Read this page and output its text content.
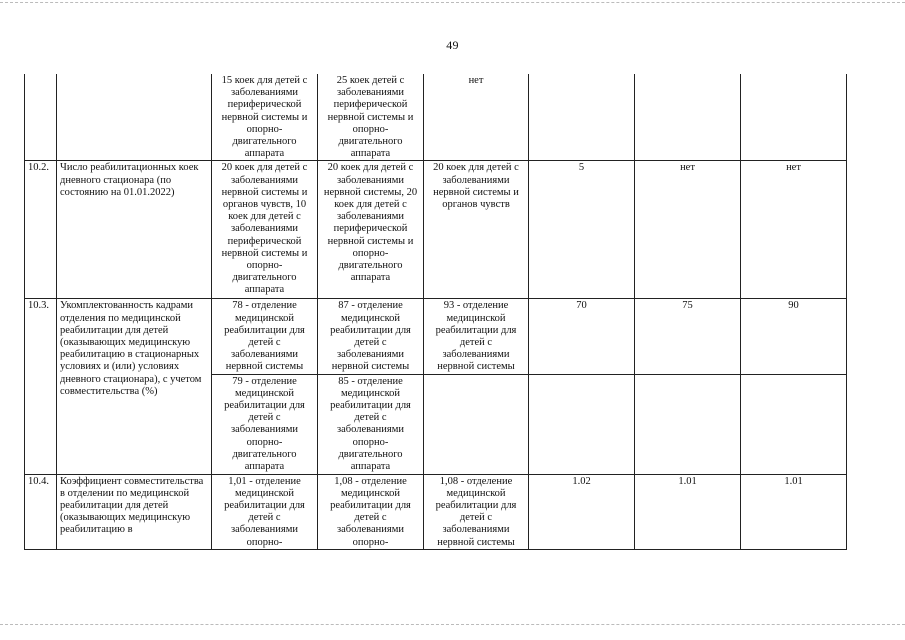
49
		15 коек для детей с заболеваниями периферической нервной системы и опорно-двигательного аппарата	25 коек детей с заболеваниями периферической нервной системы и опорно-двигательного аппарата	нет			
10.2.	Число реабилитационных коек дневного стационара (по состоянию на 01.01.2022)	20 коек для детей с заболеваниями нервной системы и органов чувств, 10 коек для детей с заболеваниями периферической нервной системы и опорно-двигательного аппарата	20 коек для детей с заболеваниями нервной системы, 20 коек для детей с заболеваниями периферической нервной системы и опорно-двигательного аппарата	20 коек для детей с заболеваниями нервной системы и органов чувств	5	нет	нет
10.3.	Укомплектованность кадрами отделения по медицинской реабилитации для детей (оказывающих медицинскую реабилитацию в стационарных условиях и (или) условиях дневного стационара), с учетом совместительства (%)	78 - отделение медицинской реабилитации для детей с заболеваниями нервной системы	87 - отделение медицинской реабилитации для детей с заболеваниями нервной системы	93 - отделение медицинской реабилитации для детей с заболеваниями нервной системы	70	75	90
		79 - отделение медицинской реабилитации для детей с заболеваниями опорно-двигательного аппарата	85 - отделение медицинской реабилитации для детей с заболеваниями опорно-двигательного аппарата				
10.4.	Коэффициент совместительства в отделении по медицинской реабилитации для детей (оказывающих медицинскую реабилитацию в	1,01 - отделение медицинской реабилитации для детей с заболеваниями опорно-	1,08 - отделение медицинской реабилитации для детей с заболеваниями опорно-	1,08 - отделение медицинской реабилитации для детей с заболеваниями нервной системы	1.02	1.01	1.01
